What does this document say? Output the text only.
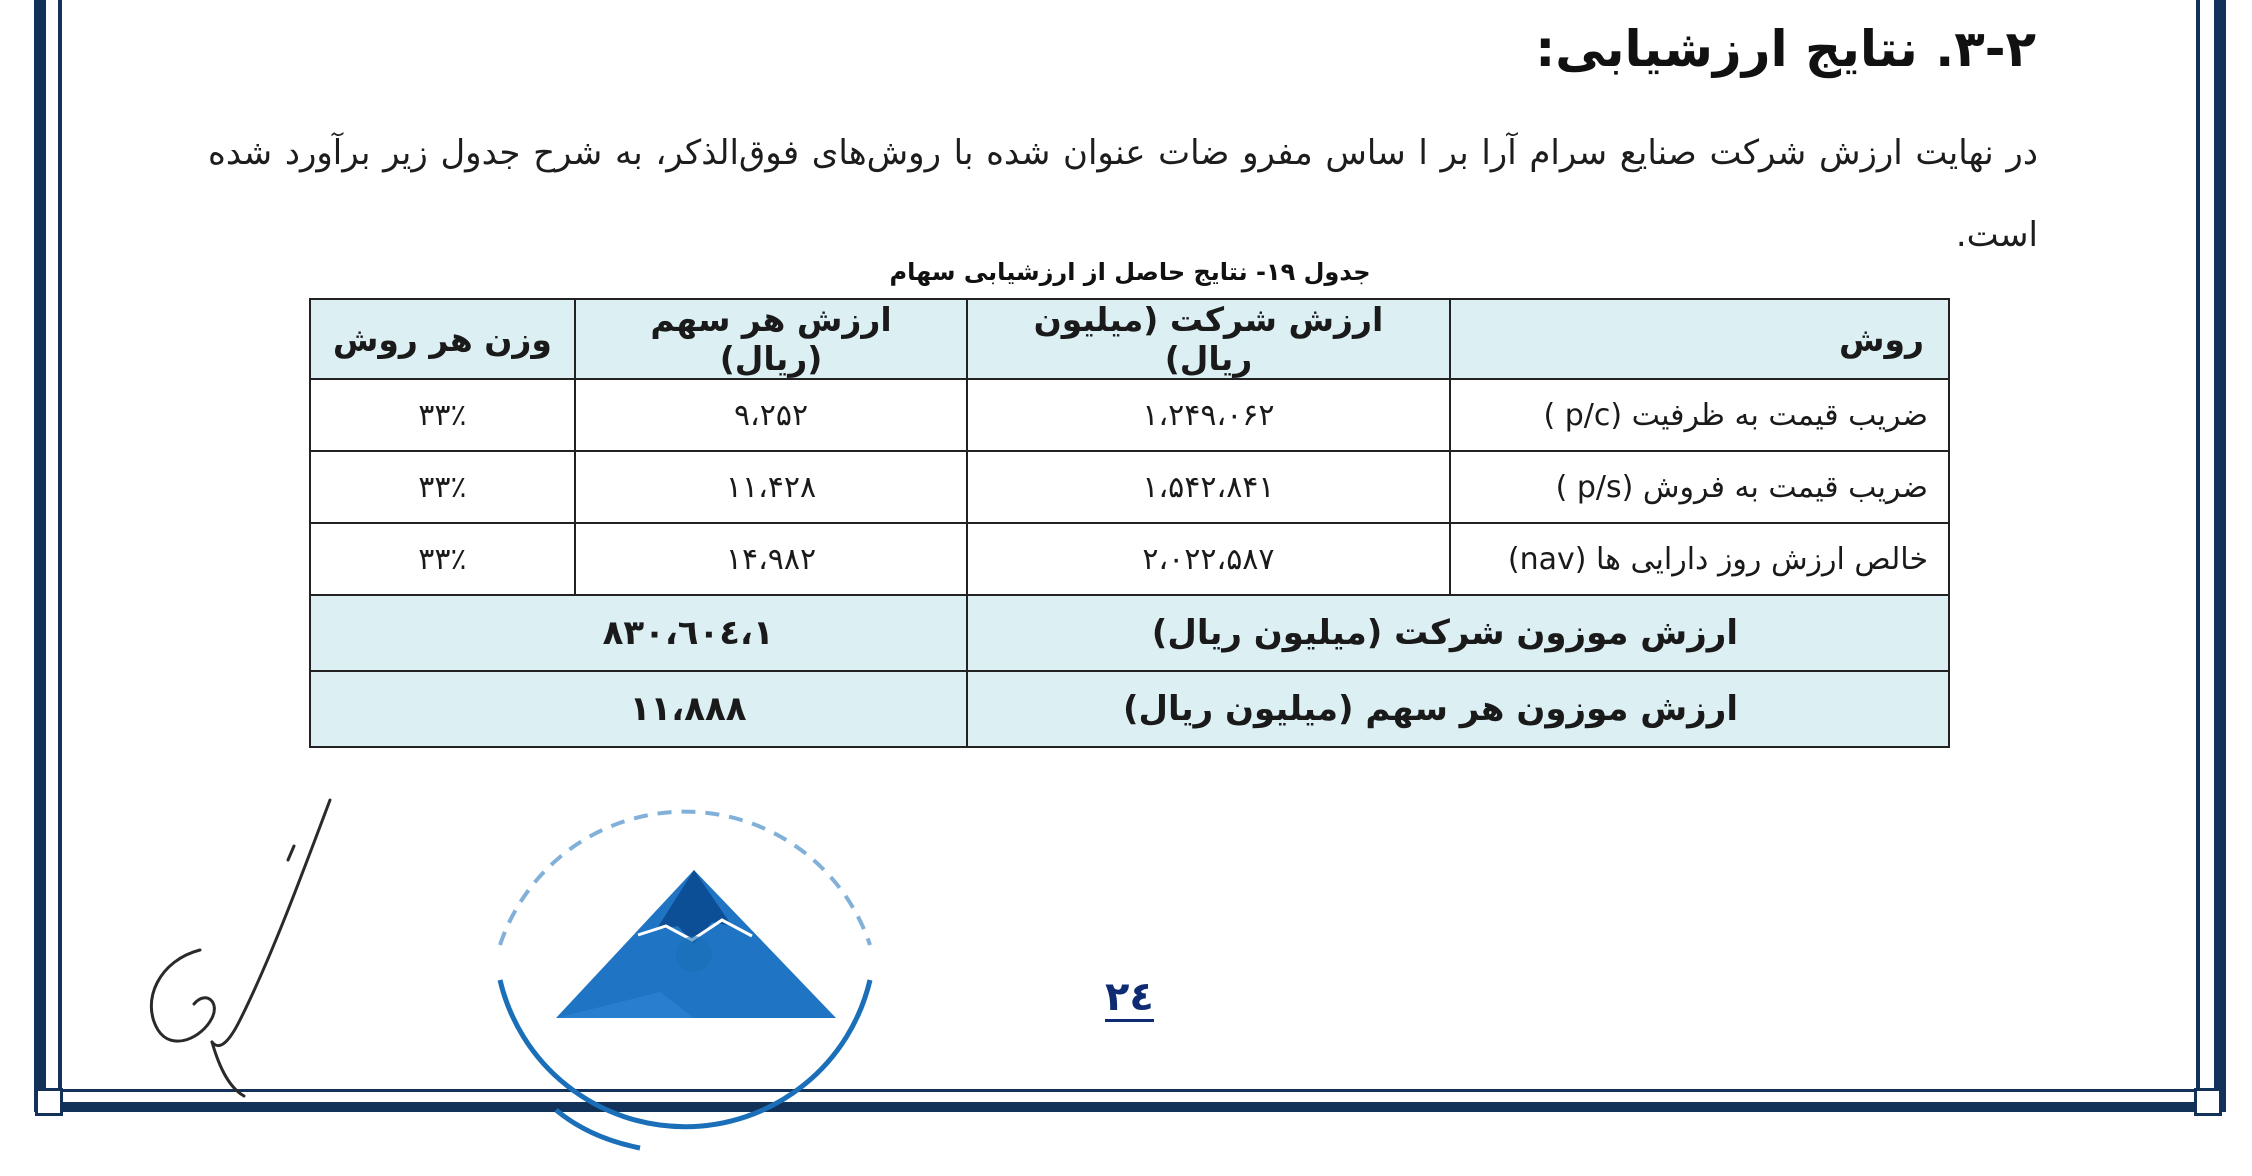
۳-۲. نتایج ارزشیابی:
در نهایت ارزش شرکت صنایع سرام آرا بر ا ساس مفرو ضات عنوان شده با روش‌های فوق‌الذکر، به شرح جدول زیر برآورد شده است.
جدول ۱۹- نتایج حاصل از ارزشیابی سهام
روش	ارزش شرکت (میلیون ریال)	ارزش هر سهم (ریال)	وزن هر روش
ضریب قیمت به ظرفیت (p/c )	۱،۲۴۹،۰۶۲	۹،۲۵۲	۳۳٪
ضریب قیمت به فروش (p/s )	۱،۵۴۲،۸۴۱	۱۱،۴۲۸	۳۳٪
خالص ارزش روز دارایی ها (nav)	۲،۰۲۲،۵۸۷	۱۴،۹۸۲	۳۳٪
ارزش موزون شرکت (میلیون ریال)		۱،٦۰٤،۸۳۰	
ارزش موزون هر سهم (میلیون ریال)		۱۱،۸۸۸	
۲٤
